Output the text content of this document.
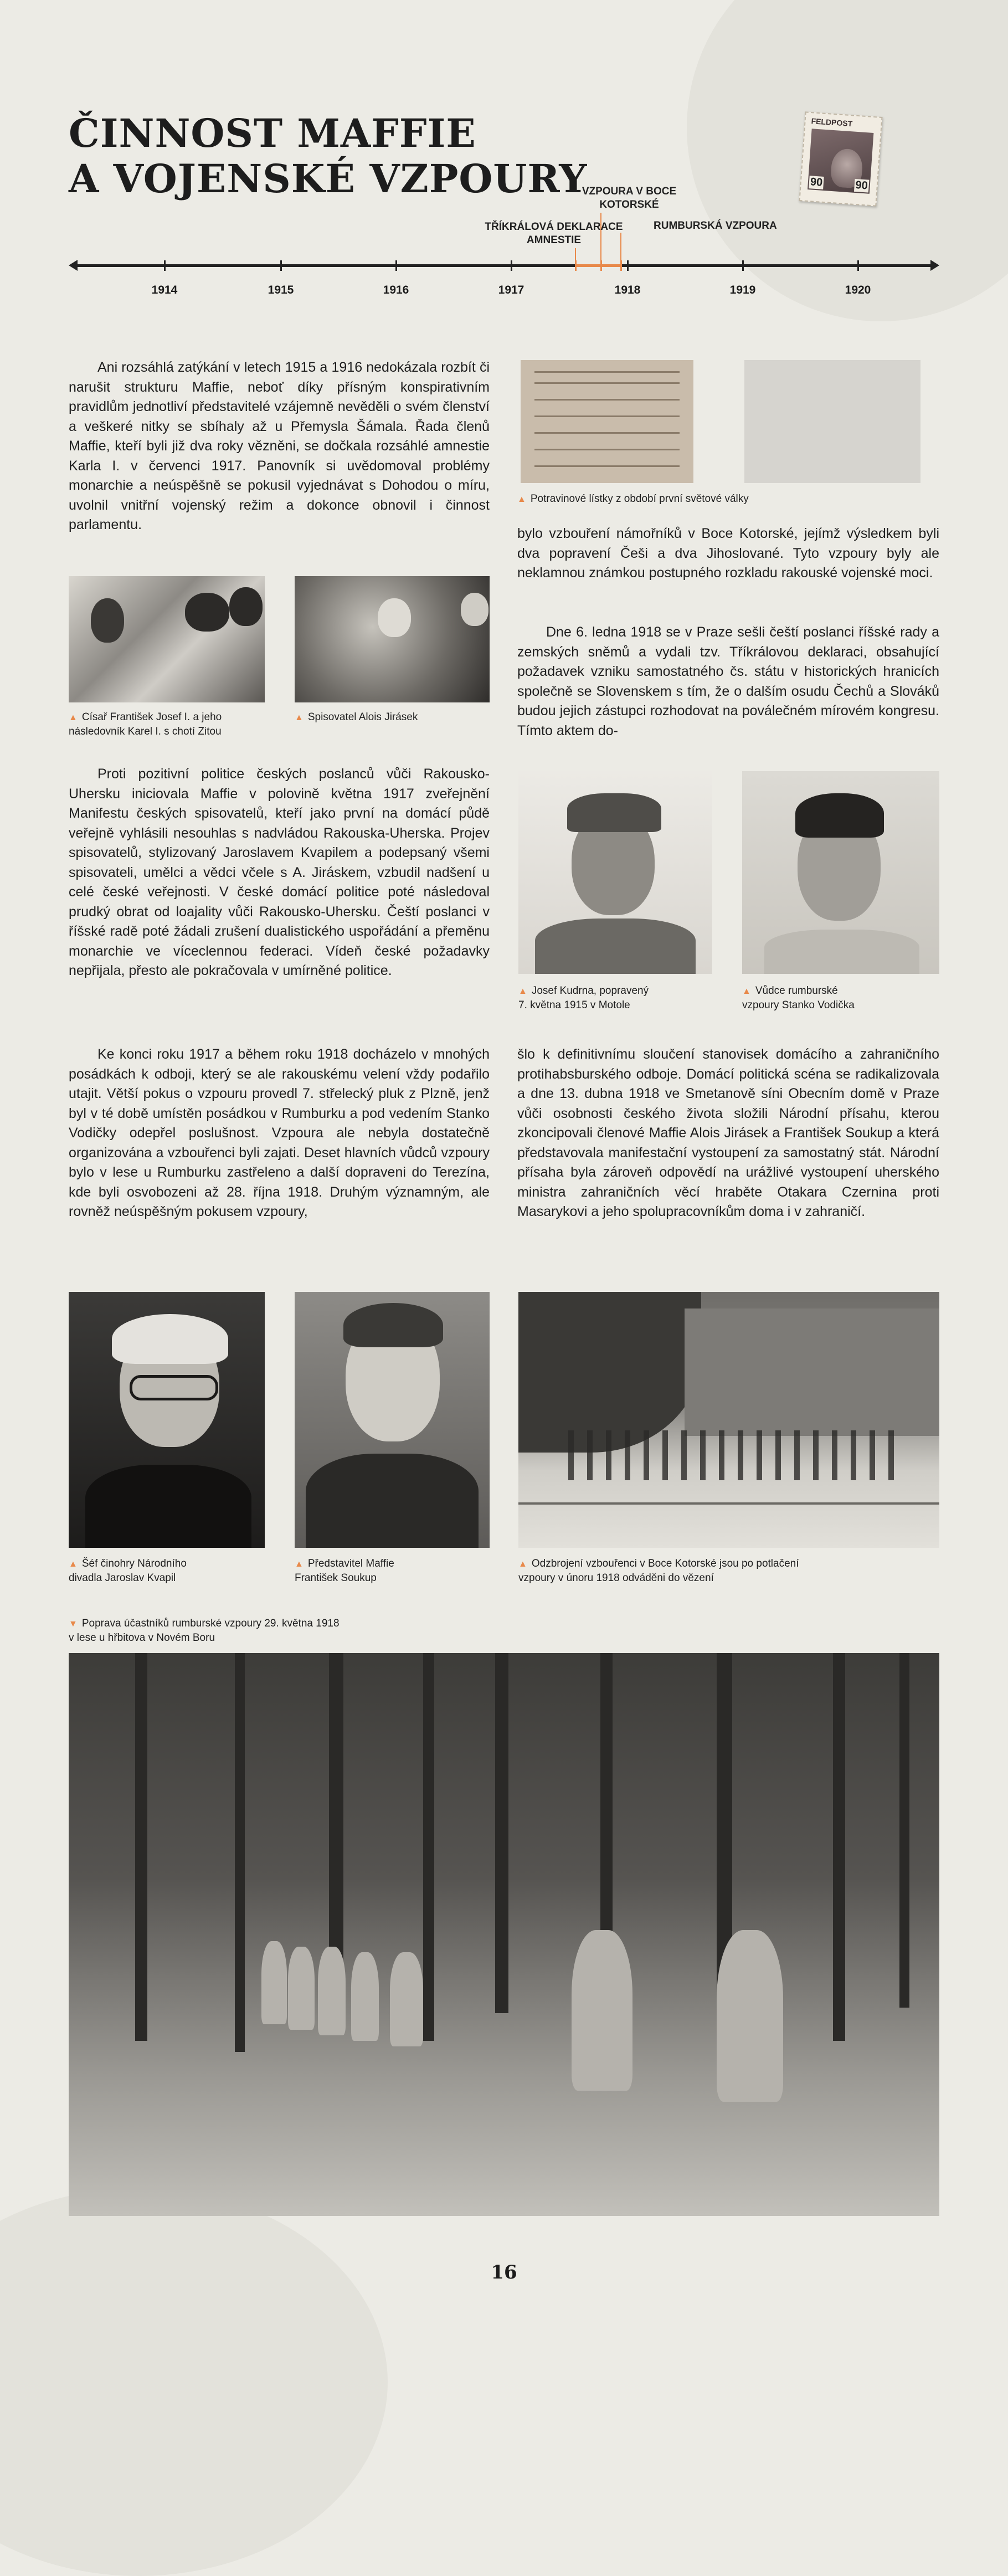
ČINNOST MAFFIE
A VOJENSKÉ VZPOURY
FELDPOST
90	90
1914	1915	1916	1917	1918	1919	1920
TŘÍKRÁLOVÁ DEKLARACE
AMNESTIE
VZPOURA V BOCE
KOTORSKÉ
RUMBURSKÁ VZPOURA

Ani rozsáhlá zatýkání v letech 1915 a 1916 nedokázala rozbít či narušit strukturu Maffie, neboť díky přísným konspirativním pravidlům jednotliví představitelé vzájemně nevěděli o svém členství a veškeré nitky se sbíhaly až u Přemysla Šámala. Řada členů Maffie, kteří byli již dva roky vězněni, se dočkala rozsáhlé amnestie Karla I. v červenci 1917. Panovník si uvědomoval problémy monarchie a neúspěšně se pokusil vyjednávat s Dohodou o míru, uvolnil vnitřní vojenský režim a dokonce obnovil i činnost parlamentu.

▲ Potravinové lístky z období první světové války

bylo vzbouření námořníků v Boce Kotorské, jejímž výsledkem byli dva popravení Češi a dva Jihoslované. Tyto vzpoury byly ale neklamnou známkou postupného rozkladu rakouské vojenské moci.

▲ Císař František Josef I. a jeho
následovník Karel I. s chotí Zitou
▲ Spisovatel Alois Jirásek

Dne 6. ledna 1918 se v Praze sešli čeští poslanci říšské rady a zemských sněmů a vydali tzv. Tříkrálovou deklaraci, obsahující požadavek vzniku samostatného čs. státu v historických hranicích společně se Slovenskem s tím, že o dalším osudu Čechů a Slováků budou jejich zástupci rozhodovat na poválečném mírovém kongresu. Tímto aktem do-

Proti pozitivní politice českých poslanců vůči Rakousko-Uhersku iniciovala Maffie v polovině května 1917 zveřejnění Manifestu českých spisovatelů, kteří jako první na domácí půdě veřejně vyhlásili nesouhlas s nadvládou Rakouska-Uherska. Projev spisovatelů, stylizovaný Jaroslavem Kvapilem a podepsaný všemi spisovateli, umělci a vědci včele s A. Jiráskem, vzbudil nadšení u celé české veřejnosti. V české domácí politice poté následoval prudký obrat od loajality vůči Rakousko-Uhersku. Čeští poslanci v říšské radě poté žádali zrušení dualistického uspořádání a přeměnu monarchie ve víceclennou federaci. Vídeň české požadavky nepřijala, přesto ale pokračovala v umírněné politice.

▲ Josef Kudrna, popravený
7. května 1915 v Motole
▲ Vůdce rumburské
vzpoury Stanko Vodička

Ke konci roku 1917 a během roku 1918 docházelo v mnohých posádkách k odboji, který se ale rakouskému velení vždy podařilo utajit. Větší pokus o vzpouru provedl 7. střelecký pluk z Plzně, jenž byl v té době umístěn posádkou v Rumburku a pod vedením Stanko Vodičky odepřel poslušnost. Vzpoura ale nebyla dostatečně organizována a vzbouřenci byli zajati. Deset hlavních vůdců vzpoury bylo v lese u Rumburku zastřeleno a další dopraveni do Terezína, kde byli osvobozeni až 28. října 1918. Druhým významným, ale rovněž neúspěšným pokusem vzpoury,

šlo k definitivnímu sloučení stanovisek domácího a zahraničního protihabsburského odboje. Domácí politická scéna se radikalizovala a dne 13. dubna 1918 ve Smetanově síni Obecním domě v Praze vůči osobnosti českého života složili Národní přísahu, kterou zkoncipovali členové Maffie Alois Jirásek a František Soukup a která představovala manifestační vystoupení za samostatný stát. Národní přísaha byla zároveň odpovědí na urážlivé vystoupení uherského ministra zahraničních věcí hraběte Otakara Czernina proti Masarykovi a jeho spolupracovníkům doma i v zahraničí.

▲ Šéf činohry Národního
divadla Jaroslav Kvapil
▲ Představitel Maffie
František Soukup
▲ Odzbrojení vzbouřenci v Boce Kotorské jsou po potlačení
vzpoury v únoru 1918 odváděni do vězení
▼ Poprava účastníků rumburské vzpoury 29. května 1918
v lese u hřbitova v Novém Boru
16
